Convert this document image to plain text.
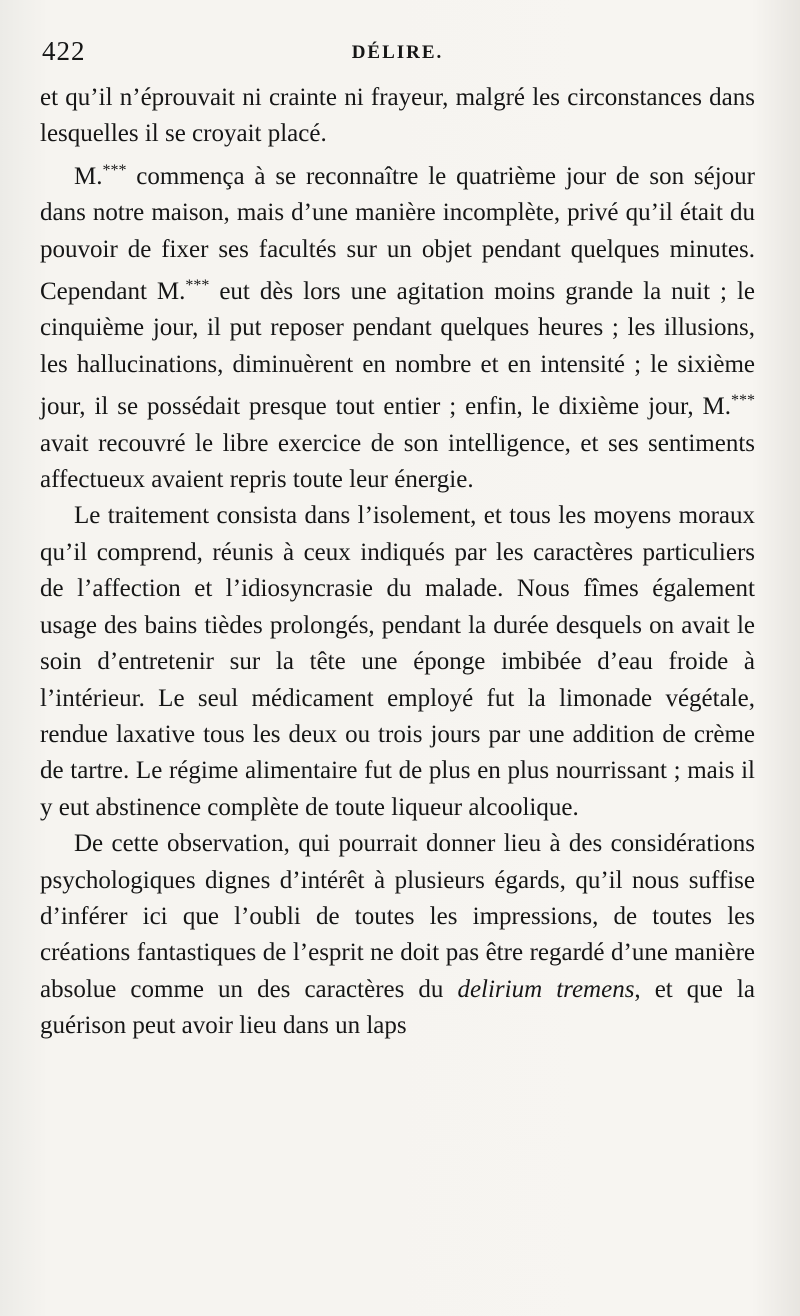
422	DÉLIRE.

et qu’il n’éprouvait ni crainte ni frayeur, malgré les circonstances dans lesquelles il se croyait placé.

M.*** commença à se reconnaître le quatrième jour de son séjour dans notre maison, mais d’une manière incomplète, privé qu’il était du pouvoir de fixer ses facultés sur un objet pendant quelques minutes. Cependant M.*** eut dès lors une agitation moins grande la nuit ; le cinquième jour, il put reposer pendant quelques heures ; les illusions, les hallucinations, diminuèrent en nombre et en intensité ; le sixième jour, il se possédait presque tout entier ; enfin, le dixième jour, M.*** avait recouvré le libre exercice de son intelligence, et ses sentiments affectueux avaient repris toute leur énergie.

Le traitement consista dans l’isolement, et tous les moyens moraux qu’il comprend, réunis à ceux indiqués par les caractères particuliers de l’affection et l’idiosyncrasie du malade. Nous fîmes également usage des bains tièdes prolongés, pendant la durée desquels on avait le soin d’entretenir sur la tête une éponge imbibée d’eau froide à l’intérieur. Le seul médicament employé fut la limonade végétale, rendue laxative tous les deux ou trois jours par une addition de crème de tartre. Le régime alimentaire fut de plus en plus nourrissant ; mais il y eut abstinence complète de toute liqueur alcoolique.

De cette observation, qui pourrait donner lieu à des considérations psychologiques dignes d’intérêt à plusieurs égards, qu’il nous suffise d’inférer ici que l’oubli de toutes les impressions, de toutes les créations fantastiques de l’esprit ne doit pas être regardé d’une manière absolue comme un des caractères du delirium tremens, et que la guérison peut avoir lieu dans un laps
